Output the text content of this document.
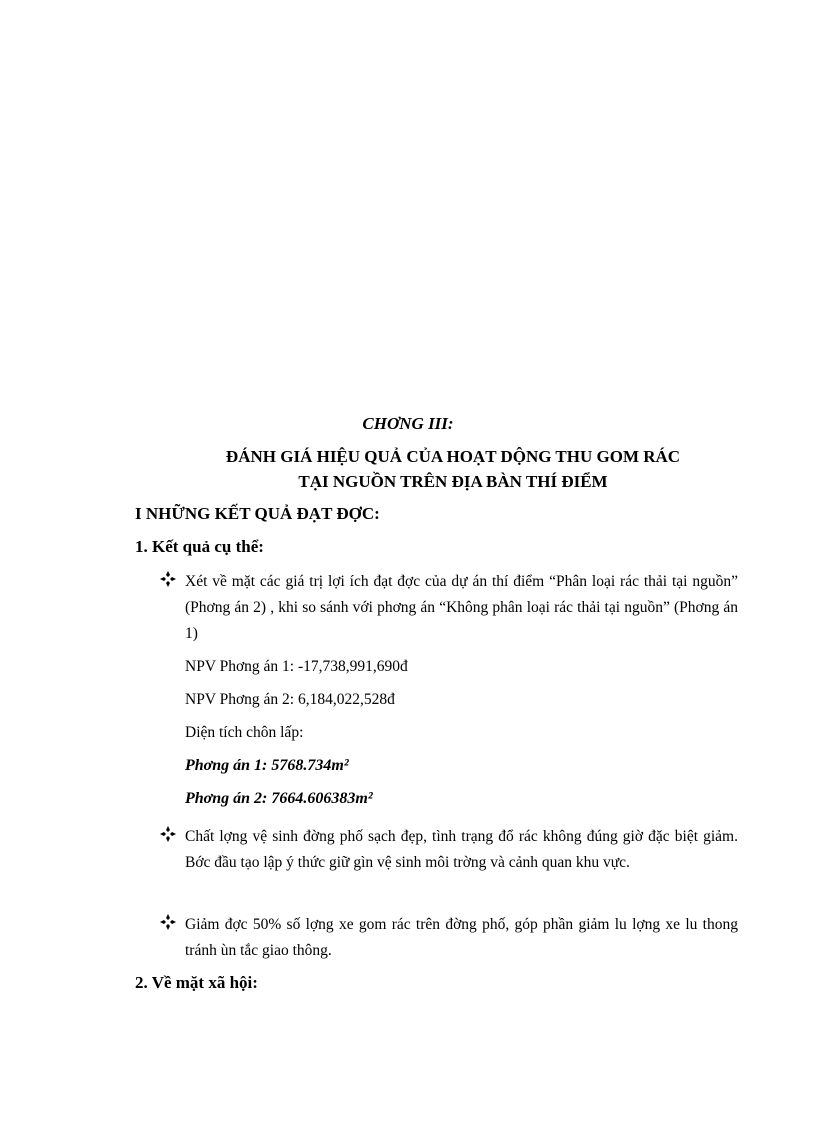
CHƠNG III:
ĐÁNH GIÁ HIỆU QUẢ CỦA HOẠT DỘNG THU GOM RÁC
TẠI NGUỒN TRÊN ĐỊA BÀN THÍ ĐIỂM
I NHỮNG KẾT QUẢ ĐẠT ĐỢC:
1. Kết quả cụ thể:
Xét về mặt các giá trị lợi ích đạt đợc của dự án thí điểm “Phân loại rác thải tại nguồn” (Phơng án 2) , khi so sánh với phơng án “Không phân loại rác thải tại nguồn” (Phơng án 1)
NPV Phơng án 1: -17,738,991,690đ
NPV Phơng án 2: 6,184,022,528đ
Diện tích chôn lấp:
Phơng án 1: 5768.734m²
Phơng án 2: 7664.606383m²
Chất lợng vệ sinh đờng phố sạch đẹp, tình trạng đổ rác không đúng giờ đặc biệt giảm. Bớc đầu tạo lập ý thức giữ gìn vệ sinh môi trờng và cảnh quan khu vực.
Giảm đợc 50% số lợng xe gom rác trên đờng phố, góp phần giảm lu lợng xe lu thong tránh ùn tắc giao thông.
2. Về mặt xã hội:
